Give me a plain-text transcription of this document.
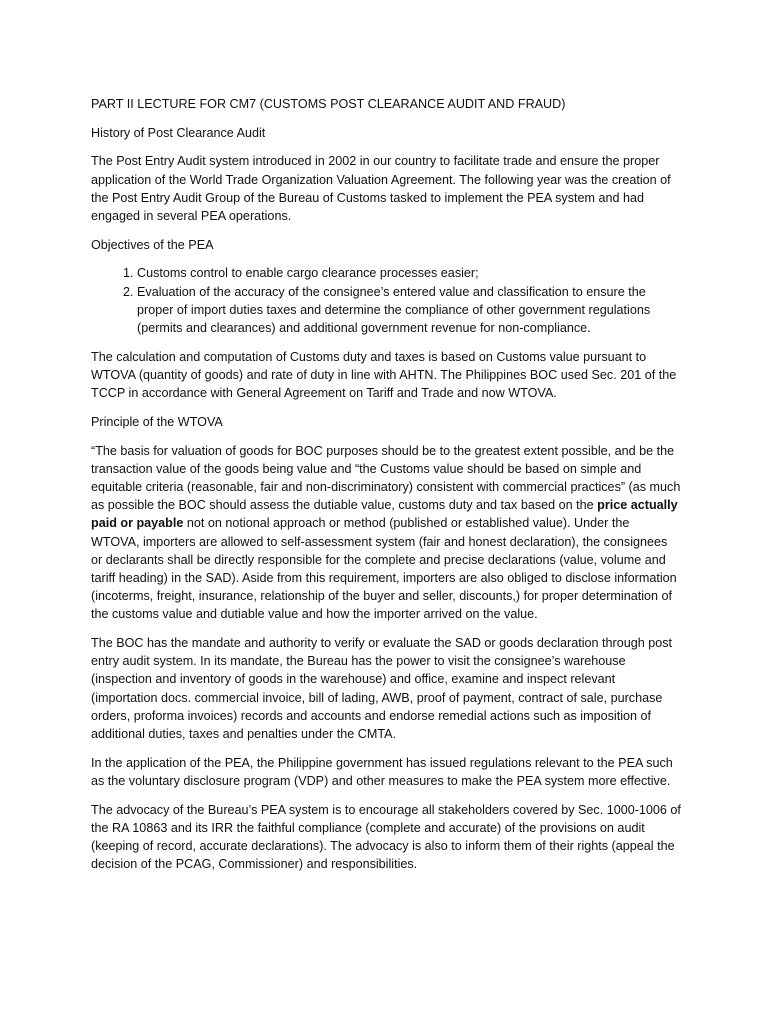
PART II LECTURE FOR CM7 (CUSTOMS POST CLEARANCE AUDIT AND FRAUD)

History of Post Clearance Audit

The Post Entry Audit system introduced in 2002 in our country to facilitate trade and ensure the proper application of the World Trade Organization Valuation Agreement. The following year was the creation of the Post Entry Audit Group of the Bureau of Customs tasked to implement the PEA system and had engaged in several PEA operations.

Objectives of the PEA

1. Customs control to enable cargo clearance processes easier;
2. Evaluation of the accuracy of the consignee’s entered value and classification to ensure the proper of import duties taxes and determine the compliance of other government regulations (permits and clearances) and additional government revenue for non-compliance.

The calculation and computation of Customs duty and taxes is based on Customs value pursuant to WTOVA (quantity of goods) and rate of duty in line with AHTN. The Philippines BOC used Sec. 201 of the TCCP in accordance with General Agreement on Tariff and Trade and now WTOVA.

Principle of the WTOVA

“The basis for valuation of goods for BOC purposes should be to the greatest extent possible, and be the transaction value of the goods being value and “the Customs value should be based on simple and equitable criteria (reasonable, fair and non-discriminatory) consistent with commercial practices” (as much as possible the BOC should assess the dutiable value, customs duty and tax based on the price actually paid or payable not on notional approach or method (published or established value). Under the WTOVA, importers are allowed to self-assessment system (fair and honest declaration), the consignees or declarants shall be directly responsible for the complete and precise declarations (value, volume and tariff heading) in the SAD). Aside from this requirement, importers are also obliged to disclose information (incoterms, freight, insurance, relationship of the buyer and seller, discounts,) for proper determination of the customs value and dutiable value and how the importer arrived on the value.

The BOC has the mandate and authority to verify or evaluate the SAD or goods declaration through post entry audit system. In its mandate, the Bureau has the power to visit the consignee’s warehouse (inspection and inventory of goods in the warehouse) and office, examine and inspect relevant (importation docs. commercial invoice, bill of lading, AWB, proof of payment, contract of sale, purchase orders, proforma invoices) records and accounts and endorse remedial actions such as imposition of additional duties, taxes and penalties under the CMTA.

In the application of the PEA, the Philippine government has issued regulations relevant to the PEA such as the voluntary disclosure program (VDP) and other measures to make the PEA system more effective.

The advocacy of the Bureau’s PEA system is to encourage all stakeholders covered by Sec. 1000-1006 of the RA 10863 and its IRR the faithful compliance (complete and accurate) of the provisions on audit (keeping of record, accurate declarations). The advocacy is also to inform them of their rights (appeal the decision of the PCAG, Commissioner) and responsibilities.
